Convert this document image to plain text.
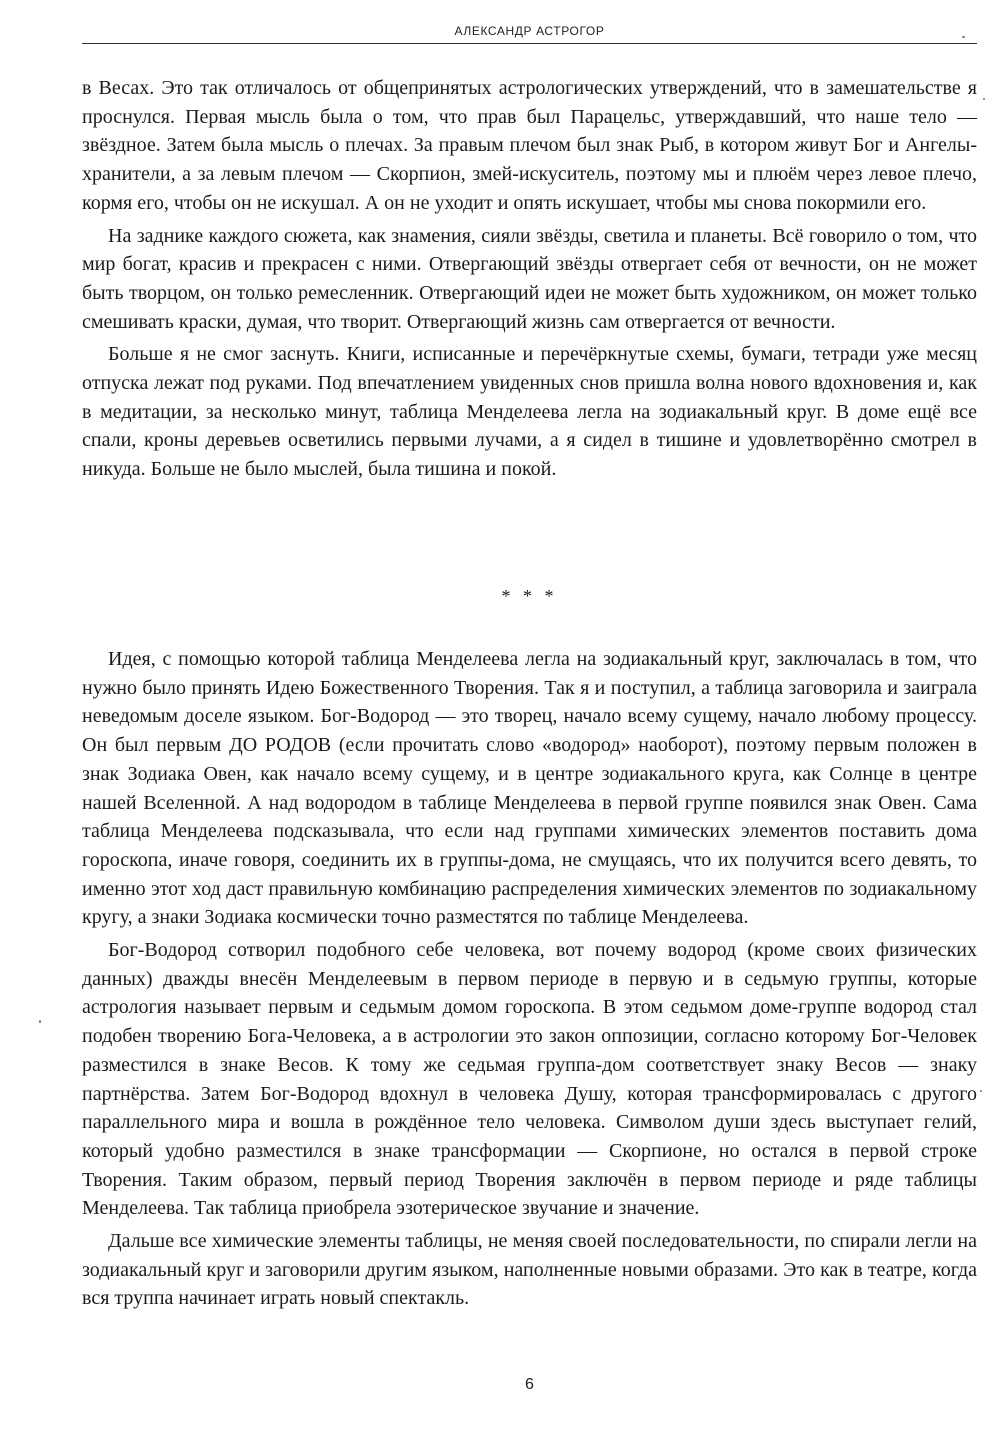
АЛЕКСАНДР АСТРОГОР

в Весах. Это так отличалось от общепринятых астрологических утверждений, что в замешательстве я проснулся. Первая мысль была о том, что прав был Парацельс, утверждавший, что наше тело — звёздное. Затем была мысль о плечах. За правым плечом был знак Рыб, в котором живут Бог и Ангелы-хранители, а за левым плечом — Скорпион, змей-искуситель, поэтому мы и плюём через левое плечо, кормя его, чтобы он не искушал. А он не уходит и опять искушает, чтобы мы снова покормили его.

На заднике каждого сюжета, как знамения, сияли звёзды, светила и планеты. Всё говорило о том, что мир богат, красив и прекрасен с ними. Отвергающий звёзды отвергает себя от вечности, он не может быть творцом, он только ремесленник. Отвергающий идеи не может быть художником, он может только смешивать краски, думая, что творит. Отвергающий жизнь сам отвергается от вечности.

Больше я не смог заснуть. Книги, исписанные и перечёркнутые схемы, бумаги, тетради уже месяц отпуска лежат под руками. Под впечатлением увиденных снов пришла волна нового вдохновения и, как в медитации, за несколько минут, таблица Менделеева легла на зодиакальный круг. В доме ещё все спали, кроны деревьев осветились первыми лучами, а я сидел в тишине и удовлетворённо смотрел в никуда. Больше не было мыслей, была тишина и покой.

* * *

Идея, с помощью которой таблица Менделеева легла на зодиакальный круг, заключалась в том, что нужно было принять Идею Божественного Творения. Так я и поступил, а таблица заговорила и заиграла неведомым доселе языком. Бог-Водород — это творец, начало всему сущему, начало любому процессу. Он был первым ДО РОДОВ (если прочитать слово «водород» наоборот), поэтому первым положен в знак Зодиака Овен, как начало всему сущему, и в центре зодиакального круга, как Солнце в центре нашей Вселенной. А над водородом в таблице Менделеева в первой группе появился знак Овен. Сама таблица Менделеева подсказывала, что если над группами химических элементов поставить дома гороскопа, иначе говоря, соединить их в группы-дома, не смущаясь, что их получится всего девять, то именно этот ход даст правильную комбинацию распределения химических элементов по зодиакальному кругу, а знаки Зодиака космически точно разместятся по таблице Менделеева.

Бог-Водород сотворил подобного себе человека, вот почему водород (кроме своих физических данных) дважды внесён Менделеевым в первом периоде в первую и в седьмую группы, которые астрология называет первым и седьмым домом гороскопа. В этом седьмом доме-группе водород стал подобен творению Бога-Человека, а в астрологии это закон оппозиции, согласно которому Бог-Человек разместился в знаке Весов. К тому же седьмая группа-дом соответствует знаку Весов — знаку партнёрства. Затем Бог-Водород вдохнул в человека Душу, которая трансформировалась с другого параллельного мира и вошла в рождённое тело человека. Символом души здесь выступает гелий, который удобно разместился в знаке трансформации — Скорпионе, но остался в первой строке Творения. Таким образом, первый период Творения заключён в первом периоде и ряде таблицы Менделеева. Так таблица приобрела эзотерическое звучание и значение.

Дальше все химические элементы таблицы, не меняя своей последовательности, по спирали легли на зодиакальный круг и заговорили другим языком, наполненные новыми образами. Это как в театре, когда вся труппа начинает играть новый спектакль.

6
